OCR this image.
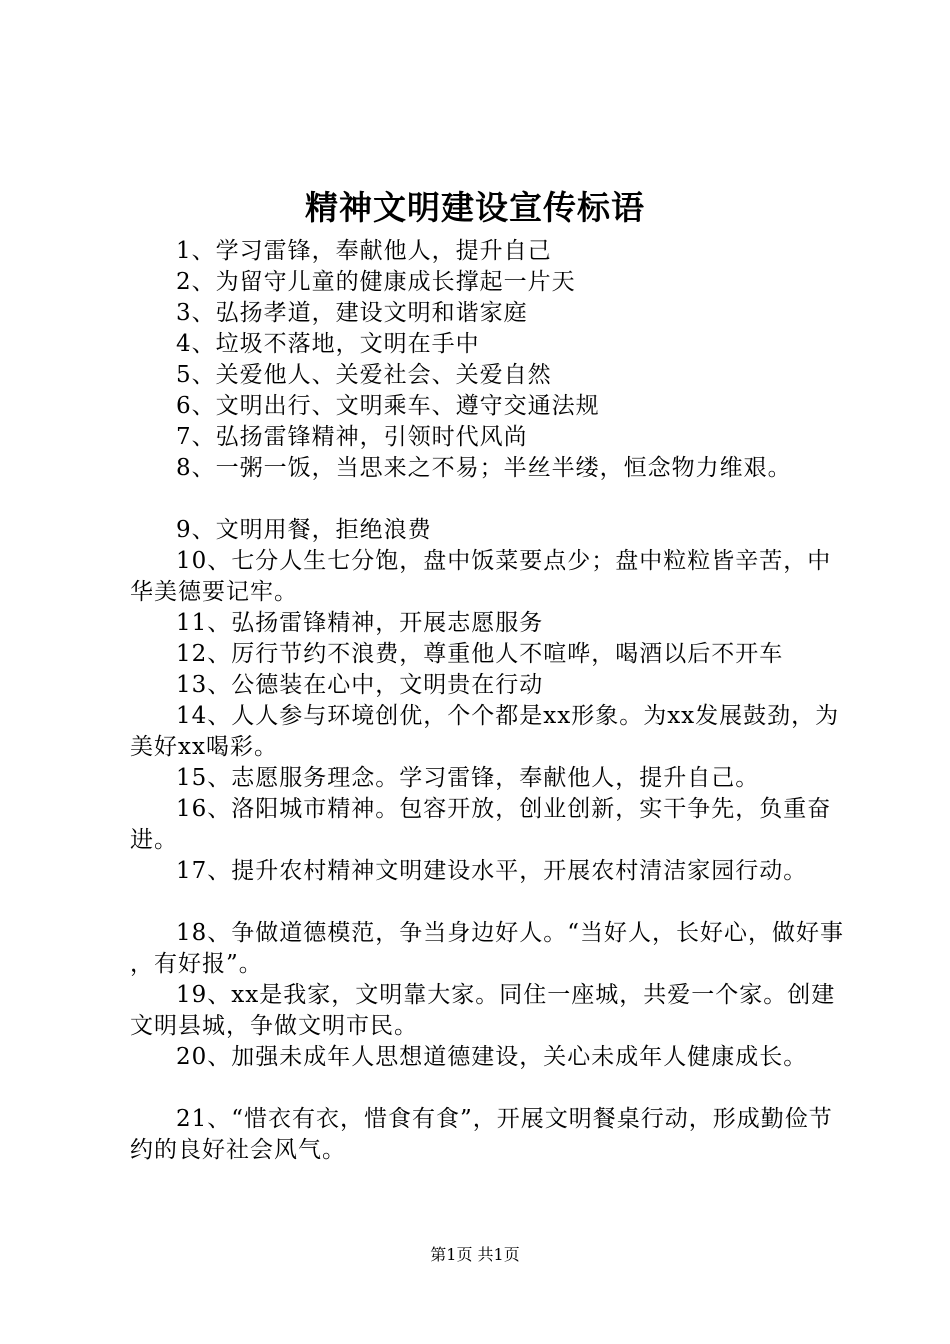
精神文明建设宣传标语

1、学习雷锋，奉献他人，提升自己

2、为留守儿童的健康成长撑起一片天

3、弘扬孝道，建设文明和谐家庭

4、垃圾不落地，文明在手中

5、关爱他人、关爱社会、关爱自然

6、文明出行、文明乘车、遵守交通法规

7、弘扬雷锋精神，引领时代风尚

8、一粥一饭，当思来之不易；半丝半缕，恒念物力维艰。

9、文明用餐，拒绝浪费

10、七分人生七分饱，盘中饭菜要点少；盘中粒粒皆辛苦，中华美德要记牢。

11、弘扬雷锋精神，开展志愿服务

12、厉行节约不浪费，尊重他人不喧哗，喝酒以后不开车

13、公德装在心中，文明贵在行动

14、人人参与环境创优，个个都是xx形象。为xx发展鼓劲，为美好xx喝彩。

15、志愿服务理念。学习雷锋，奉献他人，提升自己。

16、洛阳城市精神。包容开放，创业创新，实干争先，负重奋进。

17、提升农村精神文明建设水平，开展农村清洁家园行动。

18、争做道德模范，争当身边好人。“当好人，长好心，做好事，有好报”。

19、xx是我家，文明靠大家。同住一座城，共爱一个家。创建文明县城，争做文明市民。

20、加强未成年人思想道德建设，关心未成年人健康成长。

21、“惜衣有衣，惜食有食”，开展文明餐桌行动，形成勤俭节约的良好社会风气。

第1页 共1页
